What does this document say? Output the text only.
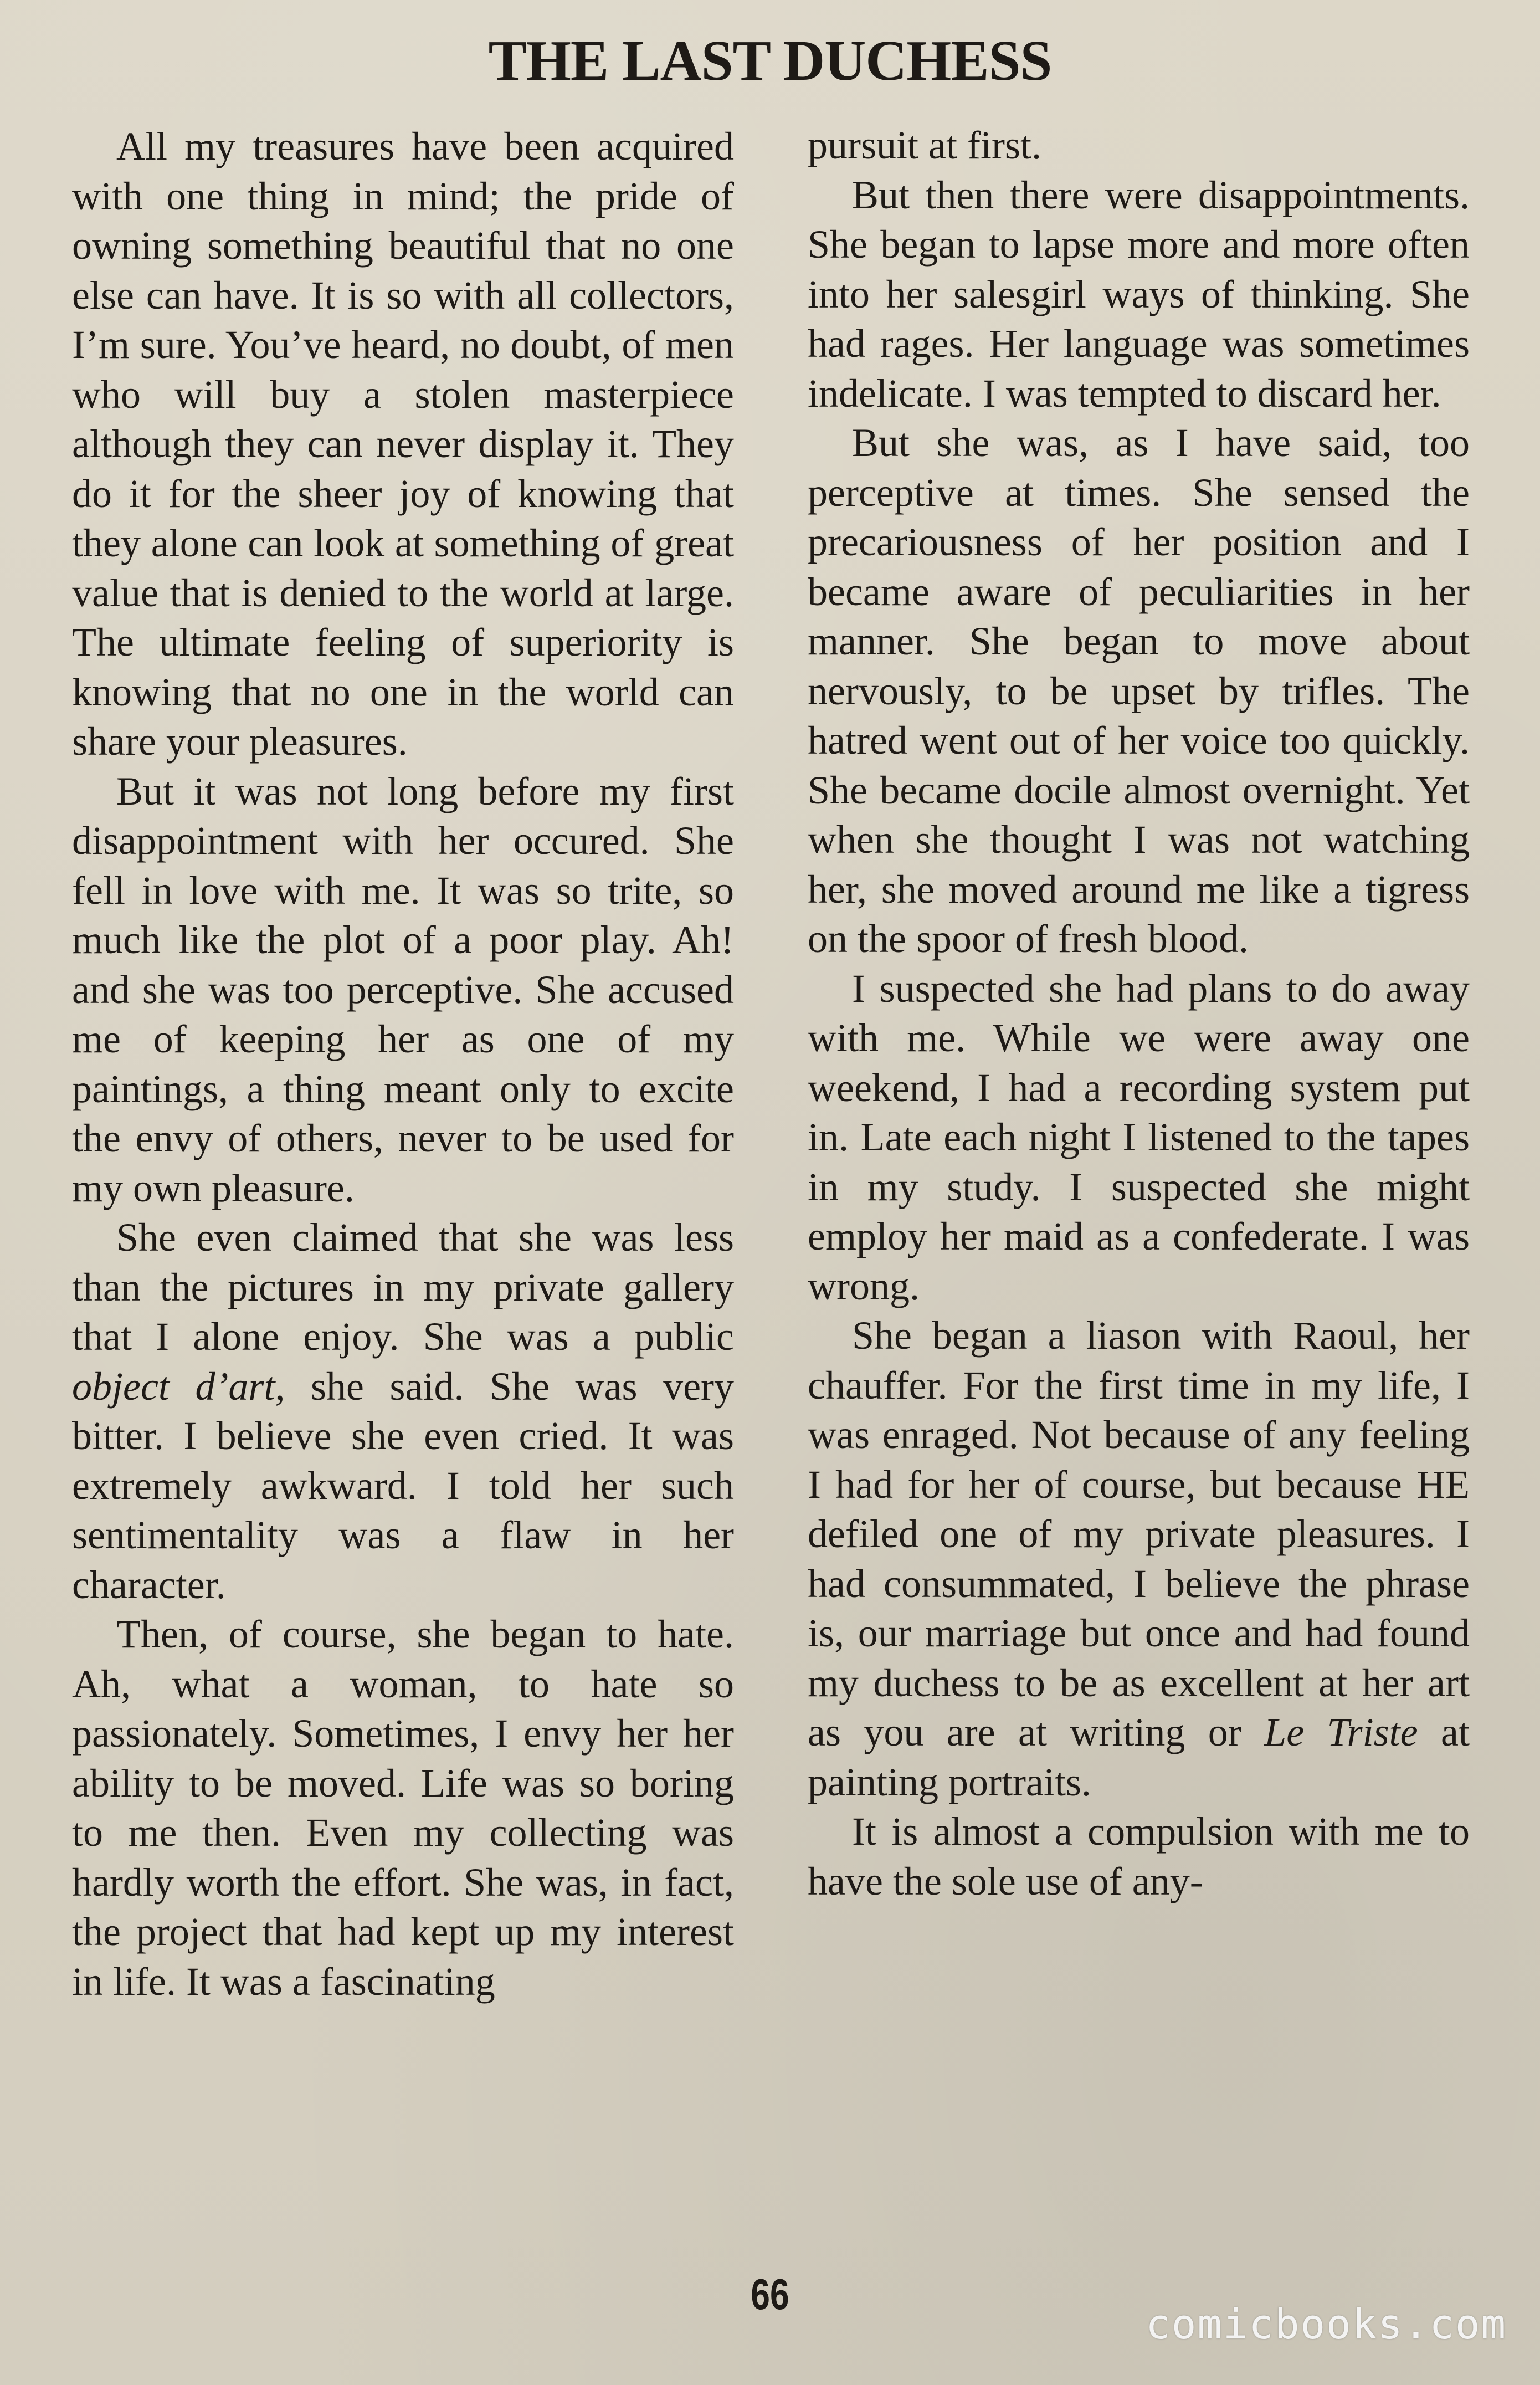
THE LAST DUCHESS

All my treasures have been acquired with one thing in mind; the pride of owning something beautiful that no one else can have. It is so with all collectors, I’m sure. You’ve heard, no doubt, of men who will buy a stolen masterpiece although they can never display it. They do it for the sheer joy of knowing that they alone can look at something of great value that is denied to the world at large. The ultimate feeling of superiority is knowing that no one in the world can share your pleasures.

But it was not long before my first disappointment with her occured. She fell in love with me. It was so trite, so much like the plot of a poor play. Ah! and she was too perceptive. She accused me of keeping her as one of my paintings, a thing meant only to excite the envy of others, never to be used for my own pleasure.

She even claimed that she was less than the pictures in my private gallery that I alone enjoy. She was a public object d’art, she said. She was very bitter. I believe she even cried. It was extremely awkward. I told her such sentimentality was a flaw in her character.

Then, of course, she began to hate. Ah, what a woman, to hate so passionately. Sometimes, I envy her her ability to be moved. Life was so boring to me then. Even my collecting was hardly worth the effort. She was, in fact, the project that had kept up my interest in life. It was a fascinating

pursuit at first.

But then there were disappointments. She began to lapse more and more often into her salesgirl ways of thinking. She had rages. Her language was sometimes indelicate. I was tempted to discard her.

But she was, as I have said, too perceptive at times. She sensed the precariousness of her position and I became aware of peculiarities in her manner. She began to move about nervously, to be upset by trifles. The hatred went out of her voice too quickly. She became docile almost overnight. Yet when she thought I was not watching her, she moved around me like a tigress on the spoor of fresh blood.

I suspected she had plans to do away with me. While we were away one weekend, I had a recording system put in. Late each night I listened to the tapes in my study. I suspected she might employ her maid as a confederate. I was wrong.

She began a liason with Raoul, her chauffer. For the first time in my life, I was enraged. Not because of any feeling I had for her of course, but because HE defiled one of my private pleasures. I had consummated, I believe the phrase is, our marriage but once and had found my duchess to be as excellent at her art as you are at writing or Le Triste at painting portraits.

It is almost a compulsion with me to have the sole use of any-

66
comicbooks.com
